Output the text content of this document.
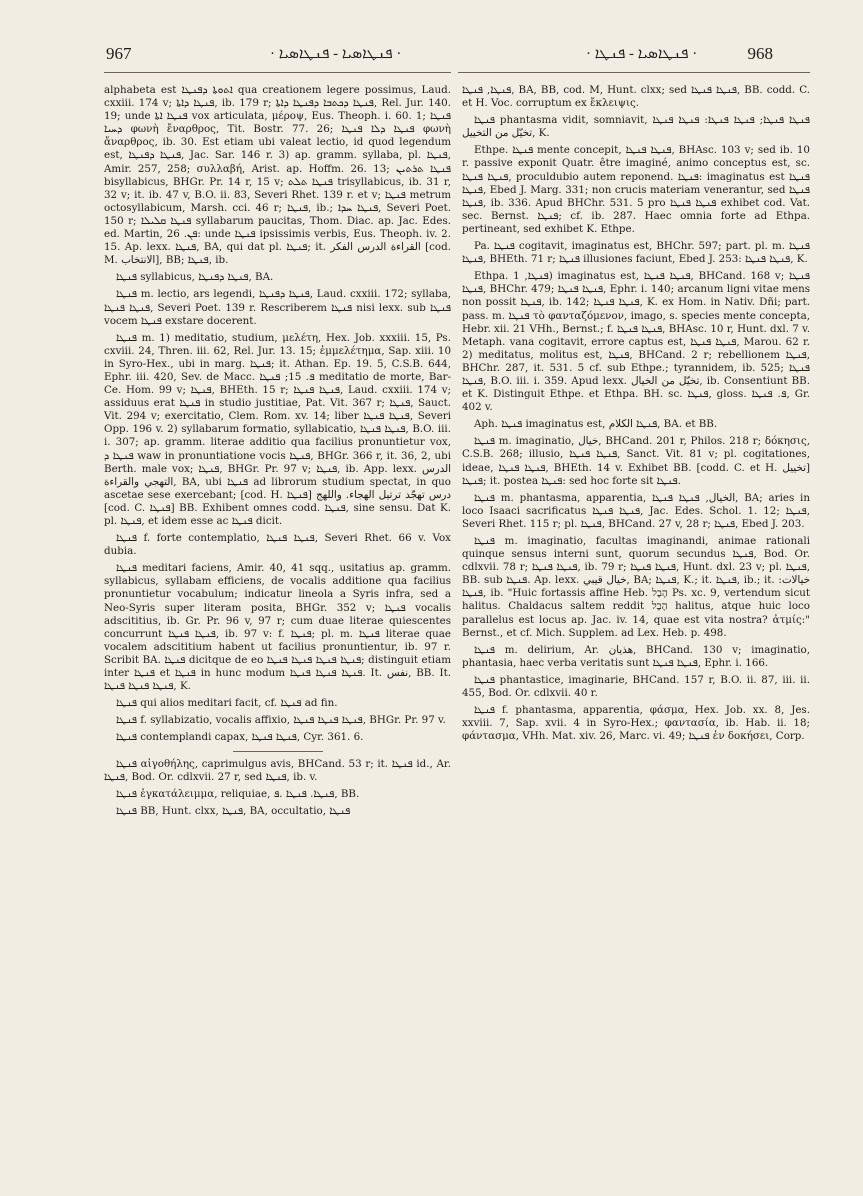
967	· ܦܢܛܐܣܝܐ - ܦܢܛܐܣܝܐ ·	· ܦܢܛܐܣܝܐ - ܦܢܛܐ ·	968

alphabeta est ܐܬܘܬܐ ܕܦܢܛܐ qua creationem legere possimus, Laud. cxxiii. 174 v; ܦܢܛܐ ܕܐܬܐ, ib. 179 r; ܦܢܛܐ ܕܟܬܒܐ ܕܦܢܛܐ ܕܐܬܐ, Rel. Jur. 140. 19; unde ܦܢܛܐ ܐܬܐ vox articulata, μέροψ, Eus. Theoph. i. 60. 1; ܦܢܛܐ ܕܚܝܐ φωνὴ ἔναρθρος, Tit. Bostr. 77. 26; ܦܢܛܐ ܕܠܐ ܦܢܛܐ φωνὴ ἄναρθρος, ib. 30. Est etiam ubi valeat lectio, id quod legendum est, ܦܢܛܐ ܕܦܢܛܐ, Jac. Sar. 146 r. 3) ap. gramm. syllaba, pl. ܦܢܛܐ, Amir. 257, 258; συλλαβή, Arist. ap. Hoffm. 26. 13; ܦܢܛܐ ܬܪܬܝܢ bisyllabicus, BHGr. Pr. 14 r, 15 v; ܦܢܛܐ ܬܠܬ trisyllabicus, ib. 31 r, 32 v; it. ib. 47 v, B.O. ii. 83, Severi Rhet. 139 r. et v; ܦܢܛܐ metrum octosyllabicum, Marsh. cci. 46 r; ܦܢܛܐ, ib.; ܦܢܛܐ ܚܕܐ, Severi Poet. 150 r; ܦܢܛܐ ܩܠܝܠܐ syllabarum paucitas, Thom. Diac. ap. Jac. Edes. ed. Martin, ܦܢ. 26: unde ܦܢܛܐ ipsissimis verbis, Eus. Theoph. iv. 2. 15. Ap. lexx. ܦܢܛܐ, BA, qui dat pl. ܦܢܛܐ; it. القراءة الدرس الفكر [cod. M. الانتخاب], BB; ܦܢܛܐ, ib.

ܦܢܛܐ syllabicus, ܦܢܛܐ ܕܦܢܛܐ, BA.

ܦܢܛܐ m. lectio, ars legendi, ܦܢܛܐ ܕܦܢܛܐ, Laud. cxxiii. 172; syllaba, ܦܢܛܐ ܦܢܛܐ, Severi Poet. 139 r. Rescriberem ܦܢܛܐ nisi lexx. sub ܦܢܛܐ vocem ܦܢܛܐ exstare docerent.

ܦܢܛܐ m. 1) meditatio, studium, μελέτη, Hex. Job. xxxiii. 15, Ps. cxviii. 24, Thren. iii. 62, Rel. Jur. 13. 15; ἐμμελέτημα, Sap. xiii. 10 in Syro-Hex., ubi in marg. ܦܢܛܐ; it. Athan. Ep. 19. 5, C.S.B. 644, Ephr. iii. 420, Sev. de Macc. ܦ. 15; ܦܢܛܐ meditatio de morte, Bar-Ce. Hom. 99 v; ܦܢܛܐ, BHEth. 15 r; ܦܢܛܐ ܦܢܛܐ, Laud. cxxiii. 174 v; assiduus erat ܦܢܛܐ in studio justitiae, Pat. Vit. 367 r; ܦܢܛܐ, Sauct. Vit. 294 v; exercitatio, Clem. Rom. xv. 14; liber ܦܢܛܐ ܦܢܛܐ, Severi Opp. 196 v. 2) syllabarum formatio, syllabicatio, ܦܢܛܐ ܦܢܛܐ, B.O. iii. i. 307; ap. gramm. literae additio qua facilius pronuntietur vox, ܦܢܛܐ ܕ waw in pronuntiatione vocis ܦܢܛܐ, BHGr. 366 r, it. 36, 2, ubi Berth. male vox; ܦܢܛܐ, BHGr. Pr. 97 v; ܦܢܛܐ, ib. App. lexx. الدرس التهجي والقراءة, BA, ubi ܦܢܛܐ ad librorum studium spectat, in quo ascetae sese exercebant; [cod. H. ܦܢܛܐ] درس تهجّد ترتيل الهجاء. واللهج [cod. C. ܦܢܛܐ] BB. Exhibent omnes codd. ܦܢܛܐ, sine sensu. Dat K. pl. ܦܢܛܐ, et idem esse ac ܦܢܛܐ dicit.

ܦܢܛܐ f. forte contemplatio, ܦܢܛܐ ܦܢܛܐ, Severi Rhet. 66 v. Vox dubia.

ܦܢܛܐ meditari faciens, Amir. 40, 41 sqq., usitatius ap. gramm. syllabicus, syllabam efficiens, de vocalis additione qua facilius pronuntietur vocabulum; indicatur lineola a Syris infra, sed a Neo-Syris super literam posita, BHGr. 352 v; ܦܢܛܐ vocalis adscititius, ib. Gr. Pr. 96 v, 97 r; cum duae literae quiescentes concurrunt ܦܢܛܐ ܦܢܛܐ, ib. 97 v: f. ܦܢܛܐ; pl. m. ܦܢܛܐ literae quae vocalem adscititium habent ut facilius pronuntientur, ib. 97 r. Scribit BA. ܦܢܛܐ dicitque de eo ܦܢܛܐ ܦܢܛܐ ܦܢܛܐ ܦܢܛܐ; distinguit etiam inter ܦܢܛܐ et ܦܢܛܐ in hunc modum ܦܢܛܐ ܦܢܛܐ ܦܢܛܐ. It. نفس, BB. It. ܦܢܛܐ ܦܢܛܐ ܦܢܛܐ, K.

ܦܢܛܐ qui alios meditari facit, cf. ܦܢܛܐ ad fin.

ܦܢܛܐ f. syllabizatio, vocalis affixio, ܦܢܛܐ ܦܢܛܐ ܦܢܛܐ, BHGr. Pr. 97 v.

ܦܢܛܐ contemplandi capax, ܦܢܛܐ ܦܢܛܐ, Cyr. 361. 6.

ܦܢܛܐ αἰγοθήλης, caprimulgus avis, BHCand. 53 r; it. ܦܢܛܐ id., Ar. ܦܢܛܐ, Bod. Or. cdlxvii. 27 r, sed ܦܢܛܐ, ib. v.

ܦܢܛܐ ἐγκατάλειμμα, reliquiae, ܦܢܛܐ. ܦܢܛܐ .ܦ, BB.

ܦܢܛܐ BB, Hunt. clxx, ܦܢܛܐ, BA, occultatio, ܦܢܛܐ

ܦܢܛܐ, ܦܢܛܐ, BA, BB, cod. M, Hunt. clxx; sed ܦܢܛܐ ܦܢܛܐ, BB. codd. C. et H. Voc. corruptum ex ἔκλειψις.

ܦܢܛܐ phantasma vidit, somniavit, ܦܢܛܐ ܦܢܛܐ; ܦܢܛܐ ܦܢܛܐ: ܦܢܛܐ ܦܢܛܐ تخيّل من التخييل, K.

Ethpe. ܦܢܛܐ mente concepit, ܦܢܛܐ ܦܢܛܐ, BHAsc. 103 v; sed ib. 10 r. passive exponit Quatr. être imaginé, animo conceptus est, sc. ܦܢܛܐ ܦܢܛܐ, proculdubio autem reponend. ܦܢܛܐ: imaginatus est ܦܢܛܐ ܦܢܛܐ, Ebed J. Marg. 331; non crucis materiam venerantur, sed ܦܢܛܐ ܦܢܛܐ, ib. 336. Apud BHChr. 531. 5 pro ܦܢܛܐ ܦܢܛܐ exhibet cod. Vat. sec. Bernst. ܦܢܛܐ; cf. ib. 287. Haec omnia forte ad Ethpa. pertineant, sed exhibet K. Ethpe.

Pa. ܦܢܛܐ cogitavit, imaginatus est, BHChr. 597; part. pl. m. ܦܢܛܐ ܦܢܛܐ, BHEth. 71 r; ܦܢܛܐ illusiones faciunt, Ebed J. 253: ܦܢܛܐ ܦܢܛܐ, K.

Ethpa. ܦܢܛܐ, 1) imaginatus est, ܦܢܛܐ ܦܢܛܐ, BHCand. 168 v; ܦܢܛܐ ܦܢܛܐ, BHChr. 479; ܦܢܛܐ ܦܢܛܐ, Ephr. i. 140; arcanum ligni vitae mens non possit ܦܢܛܐ, ib. 142; ܦܢܛܐ ܦܢܛܐ, K. ex Hom. in Nativ. Dñi; part. pass. m. ܦܢܛܐ τὸ φανταζόμενον, imago, s. species mente concepta, Hebr. xii. 21 VHh., Bernst.; f. ܦܢܛܐ ܦܢܛܐ, BHAsc. 10 r, Hunt. dxl. 7 v. Metaph. vana cogitavit, errore captus est, ܦܢܛܐ ܦܢܛܐ, Marou. 62 r. 2) meditatus, molitus est, ܦܢܛܐ, BHCand. 2 r; rebellionem ܦܢܛܐ, BHChr. 287, it. 531. 5 cf. sub Ethpe.; tyrannidem, ib. 525; ܦܢܛܐ ܦܢܛܐ, B.O. iii. i. 359. Apud lexx. تخيّل من الخيال, ib. Consentiunt BB. et K. Distinguit Ethpe. et Ethpa. BH. sc. ܦܢܛܐ, gloss. ܦ. ܦܢܛܐ, Gr. 402 v.

Aph. ܦܢܛܐ imaginatus est, ܦܢܛܐ الكلام, BA. et BB.

ܦܢܛܐ m. imaginatio, خيال, BHCand. 201 r, Philos. 218 r; δόκησις, C.S.B. 268; illusio, ܦܢܛܐ ܦܢܛܐ, Sanct. Vit. 81 v; pl. cogitationes, ideae, ܦܢܛܐ ܦܢܛܐ, BHEth. 14 v. Exhibet BB. [codd. C. et H. تخييل] ܦܢܛܐ; it. postea ܦܢܛܐ: sed hoc forte sit ܦܢܛܐ.

ܦܢܛܐ m. phantasma, apparentia, الخيال, ܦܢܛܐ ܦܢܛܐ, BA; aries in loco Isaaci sacrificatus ܦܢܛܐ ܦܢܛܐ, Jac. Edes. Schol. 1. 12; ܦܢܛܐ, Severi Rhet. 115 r; pl. ܦܢܛܐ, BHCand. 27 v, 28 r; ܦܢܛܐ, Ebed J. 203.

ܦܢܛܐ m. imaginatio, facultas imaginandi, animae rationali quinque sensus interni sunt, quorum secundus ܦܢܛܐ, Bod. Or. cdlxvii. 78 r; ܦܢܛܐ ܦܢܛܐ, ib. 79 r; ܦܢܛܐ ܦܢܛܐ, Hunt. dxl. 23 v; pl. ܦܢܛܐ, BB. sub ܦܢܛܐ. Ap. lexx. خيال قيبي, BA; ܦܢܛܐ, K.; it. ܦܢܛܐ, ib.; it. خيالات: ܦܢܛܐ, ib. "Huic fortassis affine Heb. הֶבֶל Ps. xc. 9, vertendum sicut halitus. Chaldacus saltem reddit הֶבֶל halitus, atque huic loco parallelus est locus ap. Jac. iv. 14, quae est vita nostra? ἀτμίς:" Bernst., et cf. Mich. Supplem. ad Lex. Heb. p. 498.

ܦܢܛܐ m. delirium, Ar. هذيان, BHCand. 130 v; imaginatio, phantasia, haec verba veritatis sunt ܦܢܛܐ ܦܢܛܐ, Ephr. i. 166.

ܦܢܛܐ phantastice, imaginarie, BHCand. 157 r, B.O. ii. 87, iii. ii. 455, Bod. Or. cdlxvii. 40 r.

ܦܢܛܐ f. phantasma, apparentia, φάσμα, Hex. Job. xx. 8, Jes. xxviii. 7, Sap. xvii. 4 in Syro-Hex.; φαντασία, ib. Hab. ii. 18; φάντασμα, VHh. Mat. xiv. 26, Marc. vi. 49; ܦܢܛܐ ἐν δοκήσει, Corp.
